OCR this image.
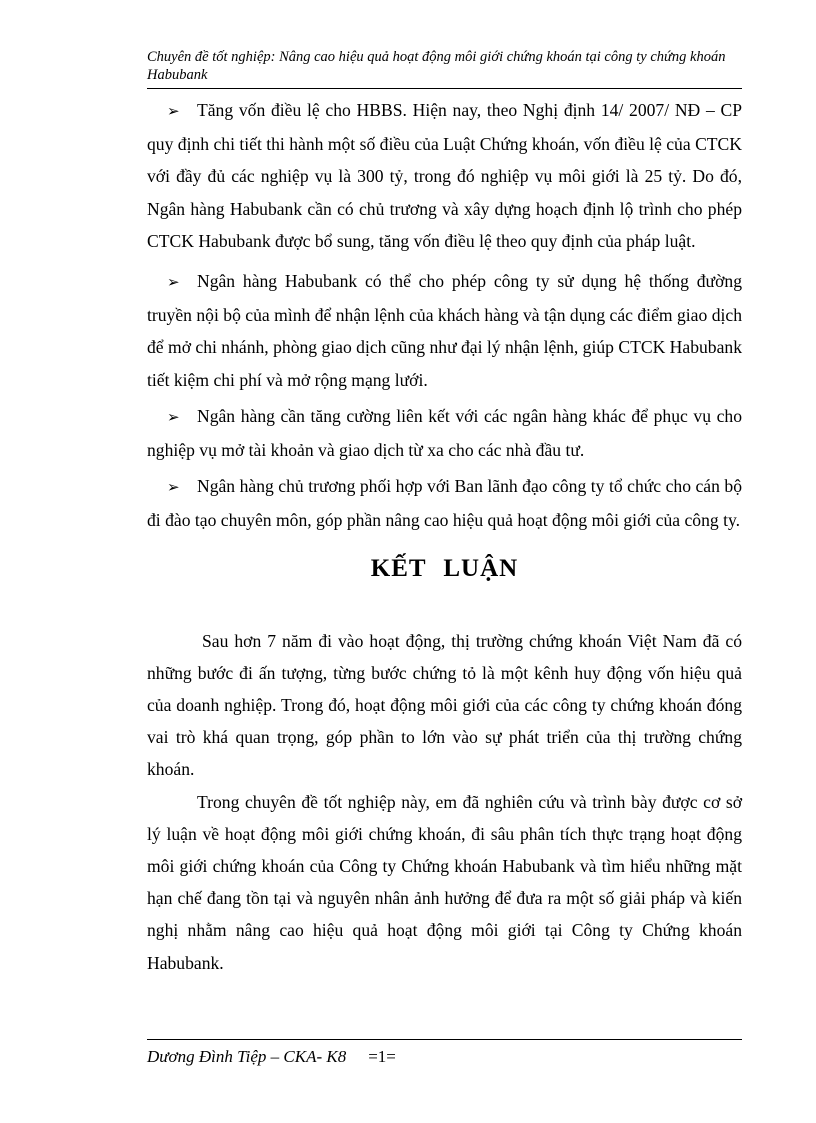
Chuyên đề tốt nghiệp: Nâng cao hiệu quả hoạt động môi giới chứng khoán tại công ty chứng khoán Habubank

➢ Tăng vốn điều lệ cho HBBS. Hiện nay, theo Nghị định 14/ 2007/ NĐ – CP quy định chi tiết thi hành một số điều của Luật Chứng khoán, vốn điều lệ của CTCK với đầy đủ các nghiệp vụ là 300 tỷ, trong đó nghiệp vụ môi giới là 25 tỷ. Do đó, Ngân hàng Habubank cần có chủ trương và xây dựng hoạch định lộ trình cho phép CTCK Habubank được bổ sung, tăng vốn điều lệ theo quy định của pháp luật.

➢ Ngân hàng Habubank có thể cho phép công ty sử dụng hệ thống đường truyền nội bộ của mình để nhận lệnh của khách hàng và tận dụng các điểm giao dịch để mở chi nhánh, phòng giao dịch cũng như đại lý nhận lệnh, giúp CTCK Habubank tiết kiệm chi phí và mở rộng mạng lưới.

➢ Ngân hàng cần tăng cường liên kết với các ngân hàng khác để phục vụ cho nghiệp vụ mở tài khoản và giao dịch từ xa cho các nhà đầu tư.

➢ Ngân hàng chủ trương phối hợp với Ban lãnh đạo công ty tổ chức cho cán bộ đi đào tạo chuyên môn, góp phần nâng cao hiệu quả hoạt động môi giới của công ty.

KẾT LUẬN

Sau hơn 7 năm đi vào hoạt động, thị trường chứng khoán Việt Nam đã có những bước đi ấn tượng, từng bước chứng tỏ là một kênh huy động vốn hiệu quả của doanh nghiệp. Trong đó, hoạt động môi giới của các công ty chứng khoán đóng vai trò khá quan trọng, góp phần to lớn vào sự phát triển của thị trường chứng khoán.

Trong chuyên đề tốt nghiệp này, em đã nghiên cứu và trình bày được cơ sở lý luận về hoạt động môi giới chứng khoán, đi sâu phân tích thực trạng hoạt động môi giới chứng khoán của Công ty Chứng khoán Habubank và tìm hiểu những mặt hạn chế đang tồn tại và nguyên nhân ảnh hưởng để đưa ra một số giải pháp và kiến nghị nhằm nâng cao hiệu quả hoạt động môi giới tại Công ty Chứng khoán Habubank.

Dương Đình Tiệp – CKA- K8 =1=
